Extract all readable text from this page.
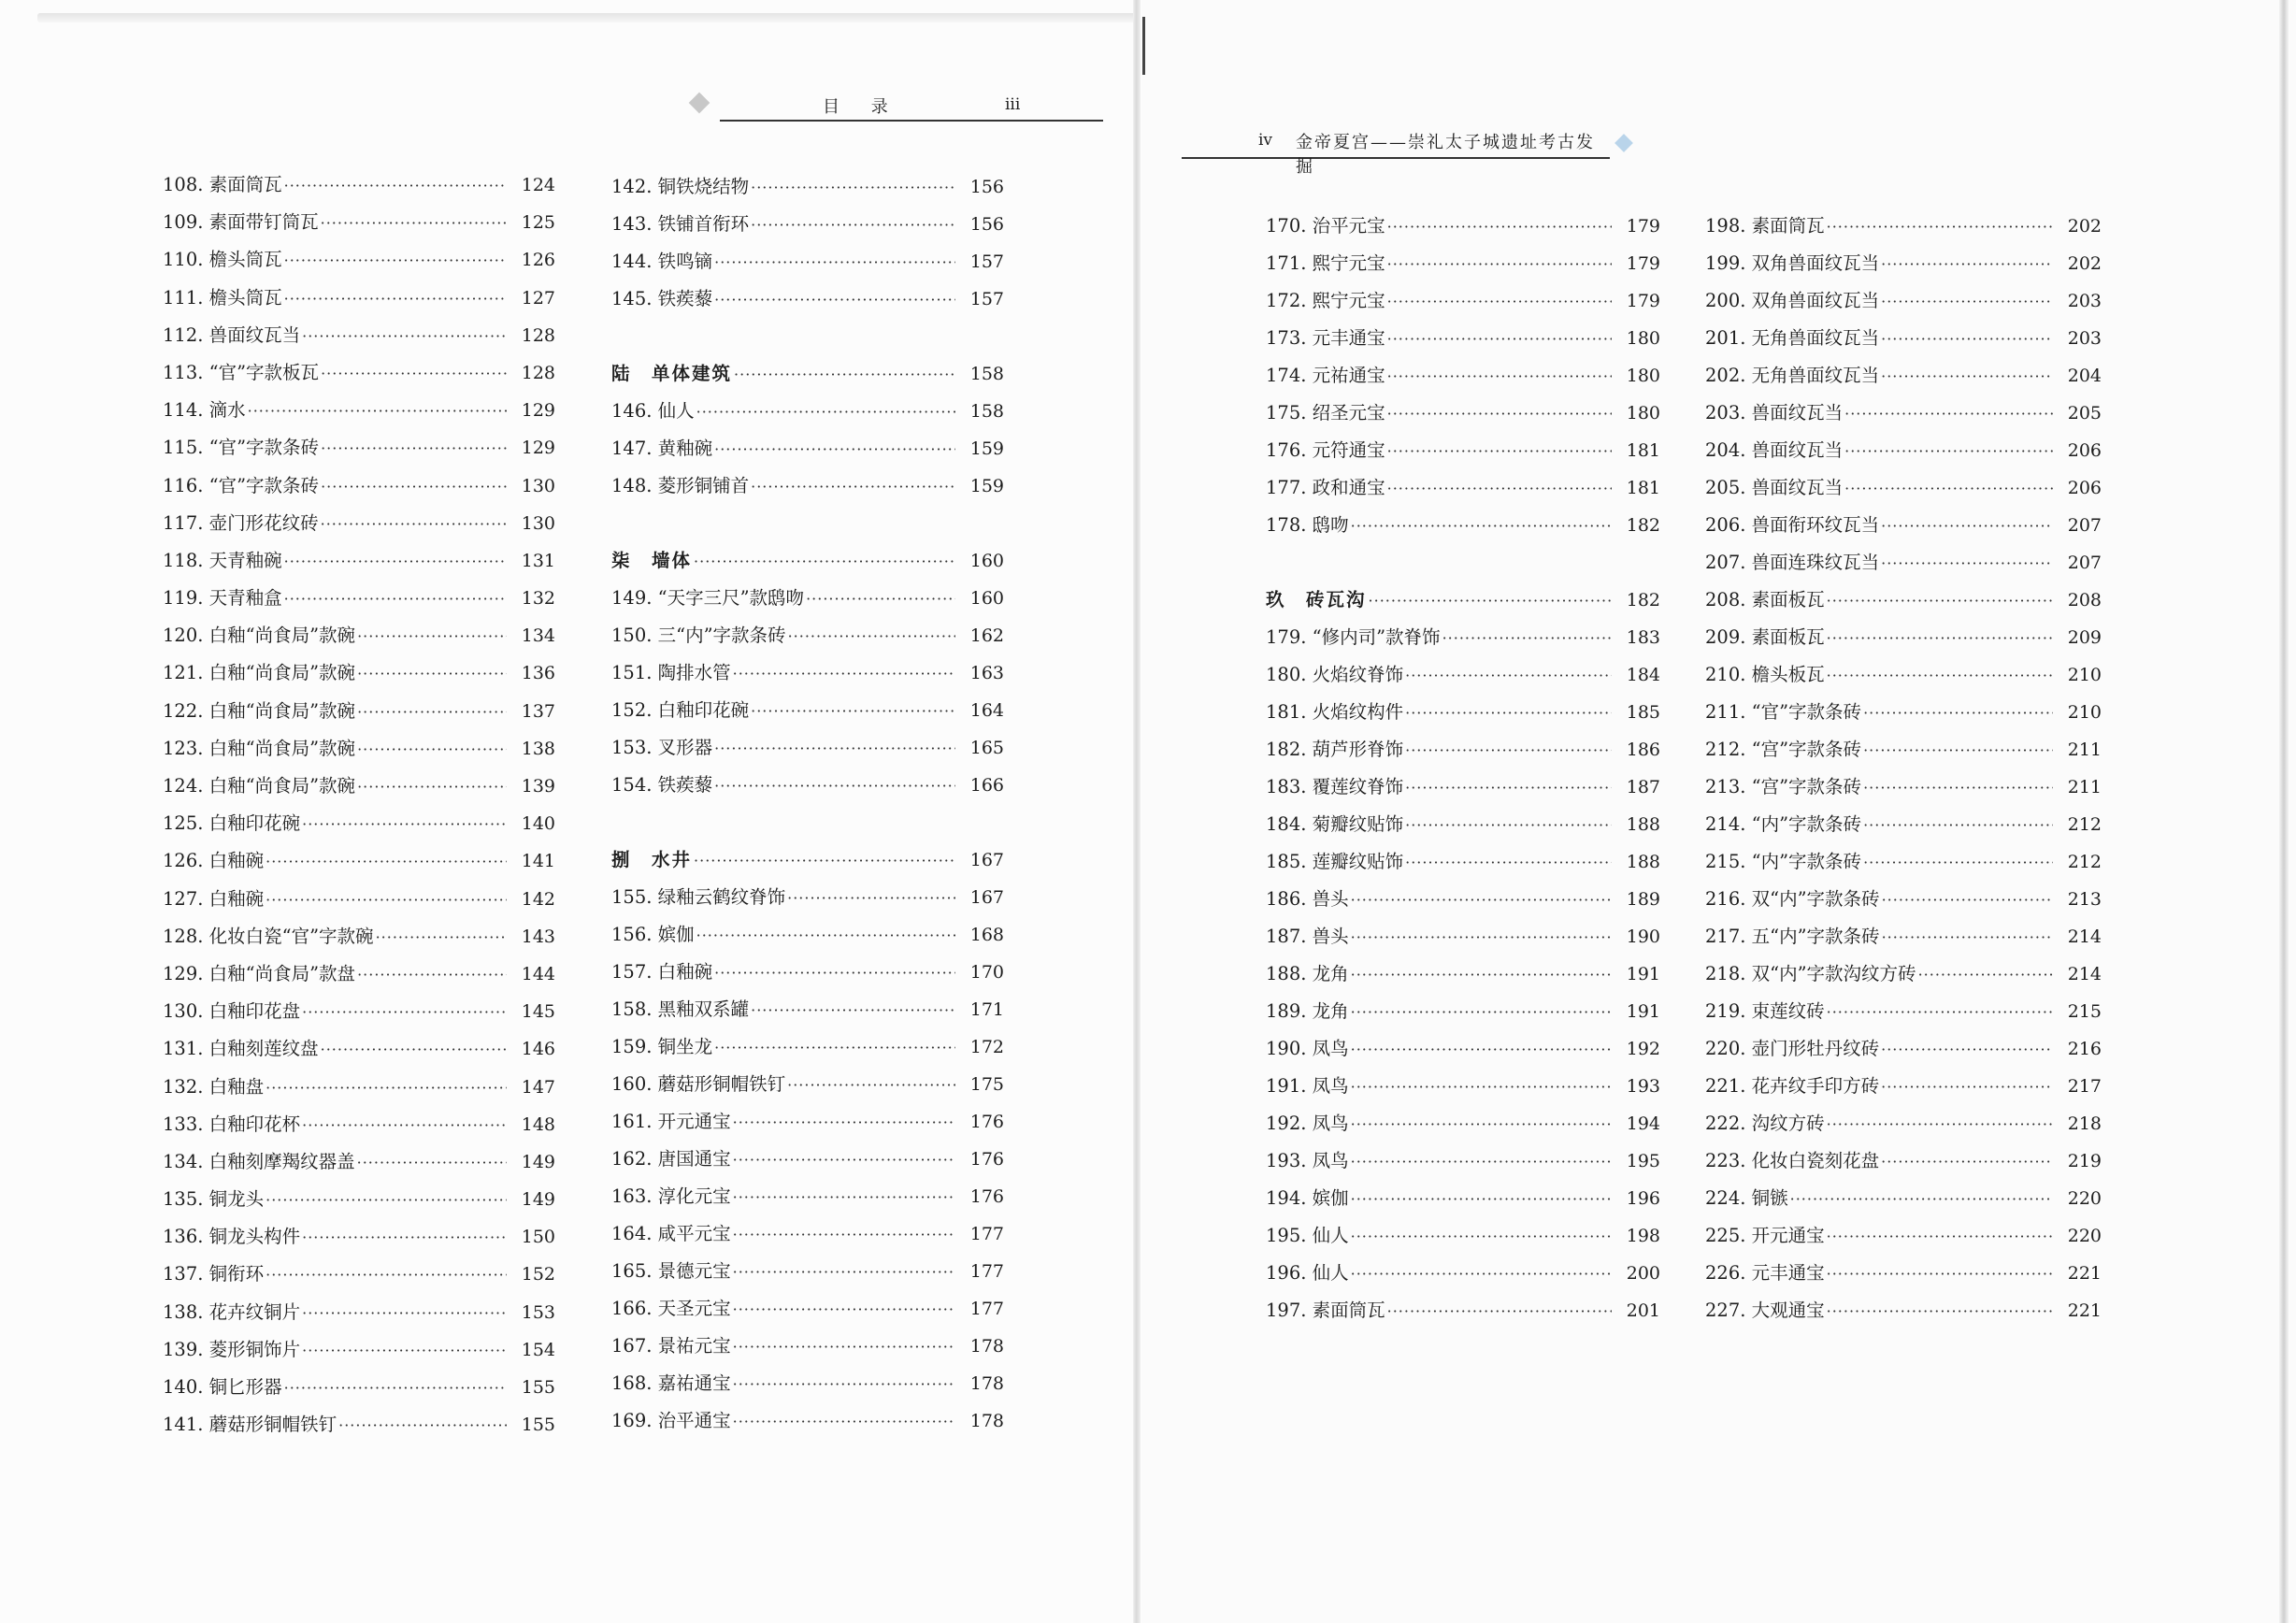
目 录	iii
iv 金帝夏宫——崇礼太子城遗址考古发掘
108. 素面筒瓦 ·····	124
109. 素面带钉筒瓦 ·····	125
110. 檐头筒瓦 ·····	126
111. 檐头筒瓦 ·····	127
112. 兽面纹瓦当 ·····	128
113. “官”字款板瓦 ·····	128
114. 滴水 ·····	129
115. “官”字款条砖 ·····	129
116. “官”字款条砖 ·····	130
117. 壶门形花纹砖 ·····	130
118. 天青釉碗 ·····	131
119. 天青釉盒 ·····	132
120. 白釉“尚食局”款碗 ·····	134
121. 白釉“尚食局”款碗 ·····	136
122. 白釉“尚食局”款碗 ·····	137
123. 白釉“尚食局”款碗 ·····	138
124. 白釉“尚食局”款碗 ·····	139
125. 白釉印花碗 ·····	140
126. 白釉碗 ·····	141
127. 白釉碗 ·····	142
128. 化妆白瓷“官”字款碗 ·····	143
129. 白釉“尚食局”款盘 ·····	144
130. 白釉印花盘 ·····	145
131. 白釉刻莲纹盘 ·····	146
132. 白釉盘 ·····	147
133. 白釉印花杯 ·····	148
134. 白釉刻摩羯纹器盖 ·····	149
135. 铜龙头 ·····	149
136. 铜龙头构件 ·····	150
137. 铜衔环 ·····	152
138. 花卉纹铜片 ·····	153
139. 菱形铜饰片 ·····	154
140. 铜匕形器 ·····	155
141. 蘑菇形铜帽铁钉 ·····	155
142. 铜铁烧结物 ·····	156
143. 铁铺首衔环 ·····	156
144. 铁鸣镝 ·····	157
145. 铁蒺藜 ·····	157
陆　单体建筑 ·····	158
146. 仙人 ·····	158
147. 黄釉碗 ·····	159
148. 菱形铜铺首 ·····	159
柒　墙体 ·····	160
149. “天字三尺”款鸱吻 ·····	160
150. 三“内”字款条砖 ·····	162
151. 陶排水管 ·····	163
152. 白釉印花碗 ·····	164
153. 叉形器 ·····	165
154. 铁蒺藜 ·····	166
捌　水井 ·····	167
155. 绿釉云鹤纹脊饰 ·····	167
156. 嫔伽 ·····	168
157. 白釉碗 ·····	170
158. 黑釉双系罐 ·····	171
159. 铜坐龙 ·····	172
160. 蘑菇形铜帽铁钉 ·····	175
161. 开元通宝 ·····	176
162. 唐国通宝 ·····	176
163. 淳化元宝 ·····	176
164. 咸平元宝 ·····	177
165. 景德元宝 ·····	177
166. 天圣元宝 ·····	177
167. 景祐元宝 ·····	178
168. 嘉祐通宝 ·····	178
169. 治平通宝 ·····	178
170. 治平元宝 ·····	179
171. 熙宁元宝 ·····	179
172. 熙宁元宝 ·····	179
173. 元丰通宝 ·····	180
174. 元祐通宝 ·····	180
175. 绍圣元宝 ·····	180
176. 元符通宝 ·····	181
177. 政和通宝 ·····	181
178. 鸱吻 ·····	182
玖　砖瓦沟 ·····	182
179. “修内司”款脊饰 ·····	183
180. 火焰纹脊饰 ·····	184
181. 火焰纹构件 ·····	185
182. 葫芦形脊饰 ·····	186
183. 覆莲纹脊饰 ·····	187
184. 菊瓣纹贴饰 ·····	188
185. 莲瓣纹贴饰 ·····	188
186. 兽头 ·····	189
187. 兽头 ·····	190
188. 龙角 ·····	191
189. 龙角 ·····	191
190. 凤鸟 ·····	192
191. 凤鸟 ·····	193
192. 凤鸟 ·····	194
193. 凤鸟 ·····	195
194. 嫔伽 ·····	196
195. 仙人 ·····	198
196. 仙人 ·····	200
197. 素面筒瓦 ·····	201
198. 素面筒瓦 ·····	202
199. 双角兽面纹瓦当 ·····	202
200. 双角兽面纹瓦当 ·····	203
201. 无角兽面纹瓦当 ·····	203
202. 无角兽面纹瓦当 ·····	204
203. 兽面纹瓦当 ·····	205
204. 兽面纹瓦当 ·····	206
205. 兽面纹瓦当 ·····	206
206. 兽面衔环纹瓦当 ·····	207
207. 兽面连珠纹瓦当 ·····	207
208. 素面板瓦 ·····	208
209. 素面板瓦 ·····	209
210. 檐头板瓦 ·····	210
211. “官”字款条砖 ·····	210
212. “宫”字款条砖 ·····	211
213. “宫”字款条砖 ·····	211
214. “内”字款条砖 ·····	212
215. “内”字款条砖 ·····	212
216. 双“内”字款条砖 ·····	213
217. 五“内”字款条砖 ·····	214
218. 双“内”字款沟纹方砖 ·····	214
219. 束莲纹砖 ·····	215
220. 壶门形牡丹纹砖 ·····	216
221. 花卉纹手印方砖 ·····	217
222. 沟纹方砖 ·····	218
223. 化妆白瓷刻花盘 ·····	219
224. 铜镞 ·····	220
225. 开元通宝 ·····	220
226. 元丰通宝 ·····	221
227. 大观通宝 ·····	221
